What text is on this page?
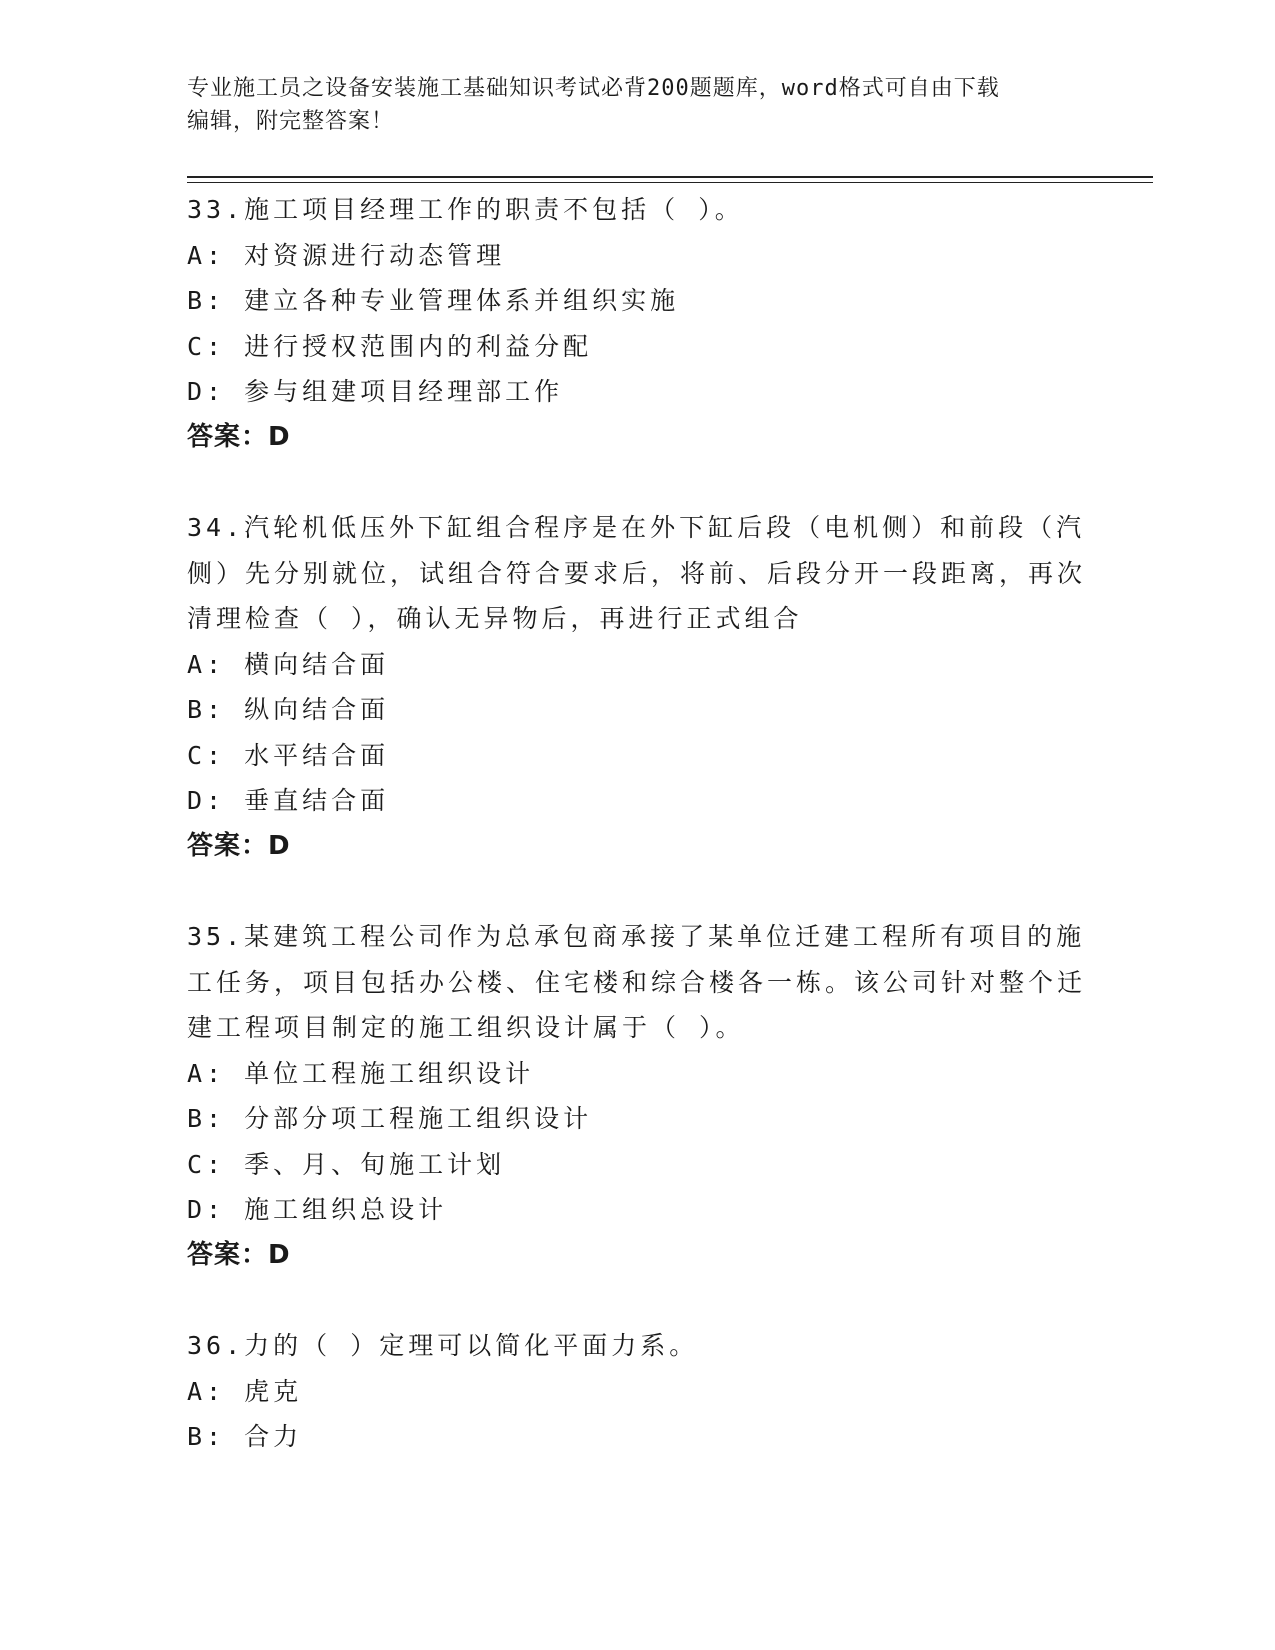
专业施工员之设备安装施工基础知识考试必背200题题库，word格式可自由下载
编辑，附完整答案！
33.施工项目经理工作的职责不包括（ ）。
A: 对资源进行动态管理
B: 建立各种专业管理体系并组织实施
C: 进行授权范围内的利益分配
D: 参与组建项目经理部工作
答案：D
34.汽轮机低压外下缸组合程序是在外下缸后段（电机侧）和前段（汽侧）先分别就位，试组合符合要求后，将前、后段分开一段距离，再次清理检查（ ），确认无异物后，再进行正式组合
A: 横向结合面
B: 纵向结合面
C: 水平结合面
D: 垂直结合面
答案：D
35.某建筑工程公司作为总承包商承接了某单位迁建工程所有项目的施工任务，项目包括办公楼、住宅楼和综合楼各一栋。该公司针对整个迁建工程项目制定的施工组织设计属于（ ）。
A: 单位工程施工组织设计
B: 分部分项工程施工组织设计
C: 季、月、旬施工计划
D: 施工组织总设计
答案：D
36.力的（ ）定理可以简化平面力系。
A: 虎克
B: 合力
